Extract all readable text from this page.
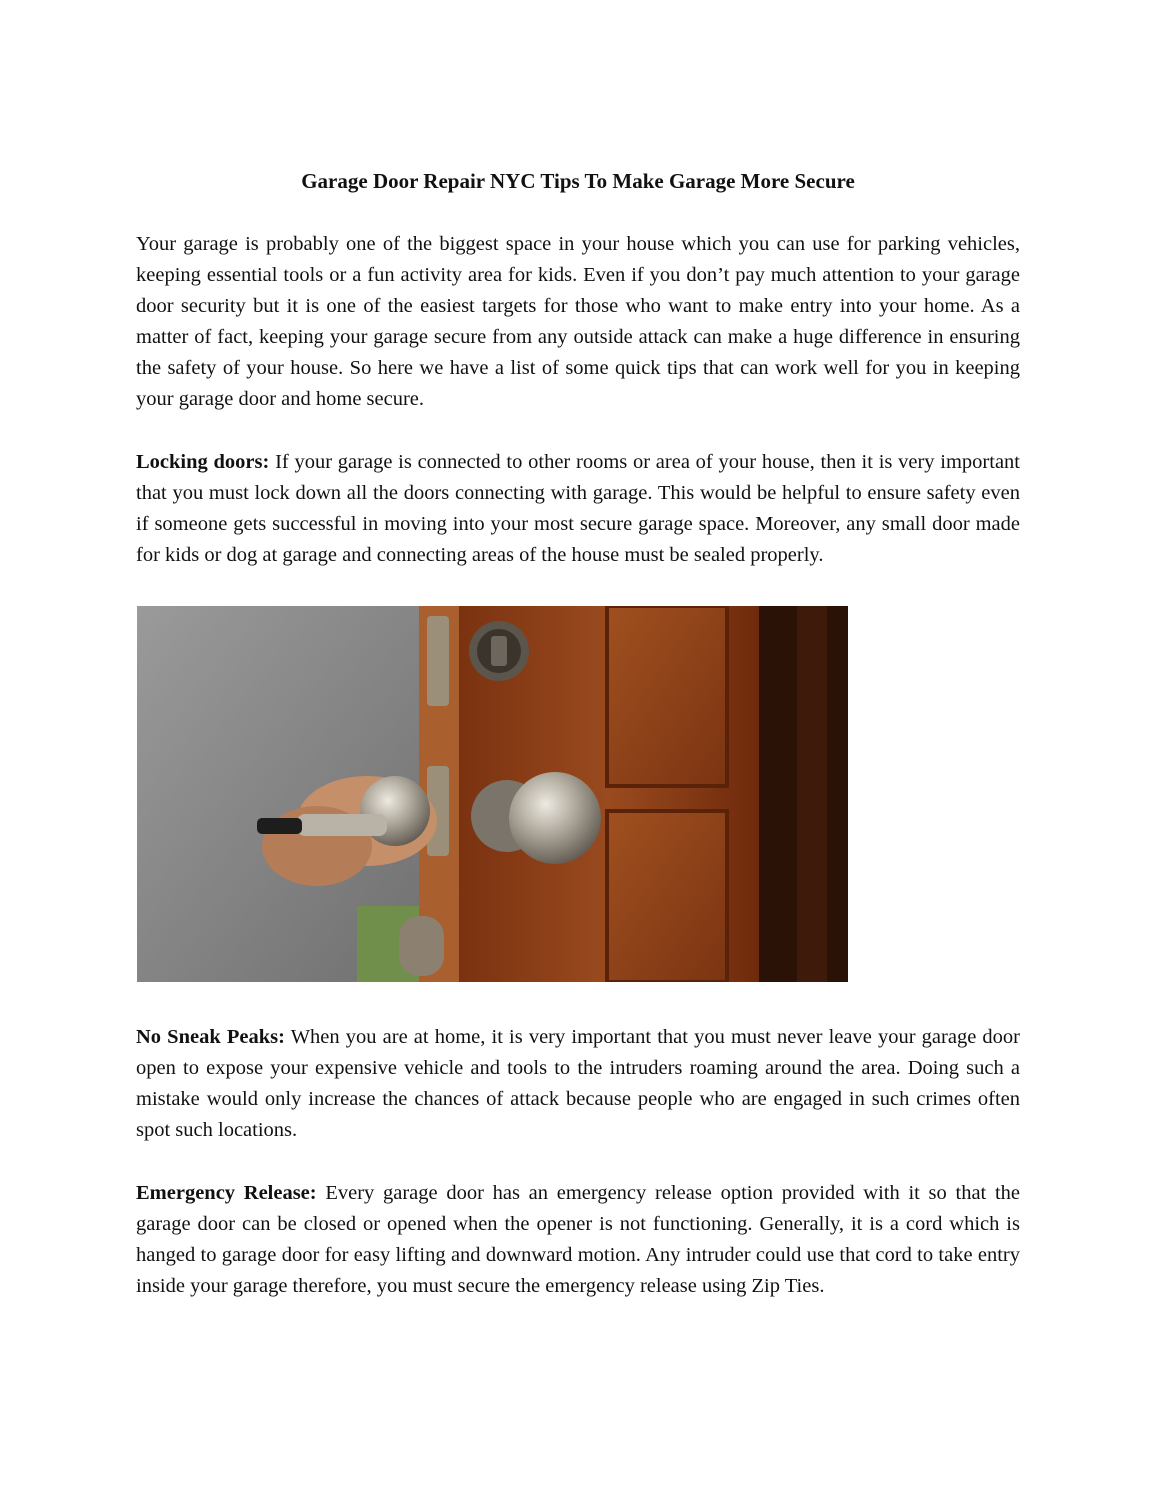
Garage Door Repair NYC Tips To Make Garage More Secure

Your garage is probably one of the biggest space in your house which you can use for parking vehicles, keeping essential tools or a fun activity area for kids. Even if you don’t pay much attention to your garage door security but it is one of the easiest targets for those who want to make entry into your home. As a matter of fact, keeping your garage secure from any outside attack can make a huge difference in ensuring the safety of your house. So here we have a list of some quick tips that can work well for you in keeping your garage door and home secure.

Locking doors: If your garage is connected to other rooms or area of your house, then it is very important that you must lock down all the doors connecting with garage. This would be helpful to ensure safety even if someone gets successful in moving into your most secure garage space. Moreover, any small door made for kids or dog at garage and connecting areas of the house must be sealed properly.

No Sneak Peaks: When you are at home, it is very important that you must never leave your garage door open to expose your expensive vehicle and tools to the intruders roaming around the area. Doing such a mistake would only increase the chances of attack because people who are engaged in such crimes often spot such locations.

Emergency Release: Every garage door has an emergency release option provided with it so that the garage door can be closed or opened when the opener is not functioning. Generally, it is a cord which is hanged to garage door for easy lifting and downward motion. Any intruder could use that cord to take entry inside your garage therefore, you must secure the emergency release using Zip Ties.
